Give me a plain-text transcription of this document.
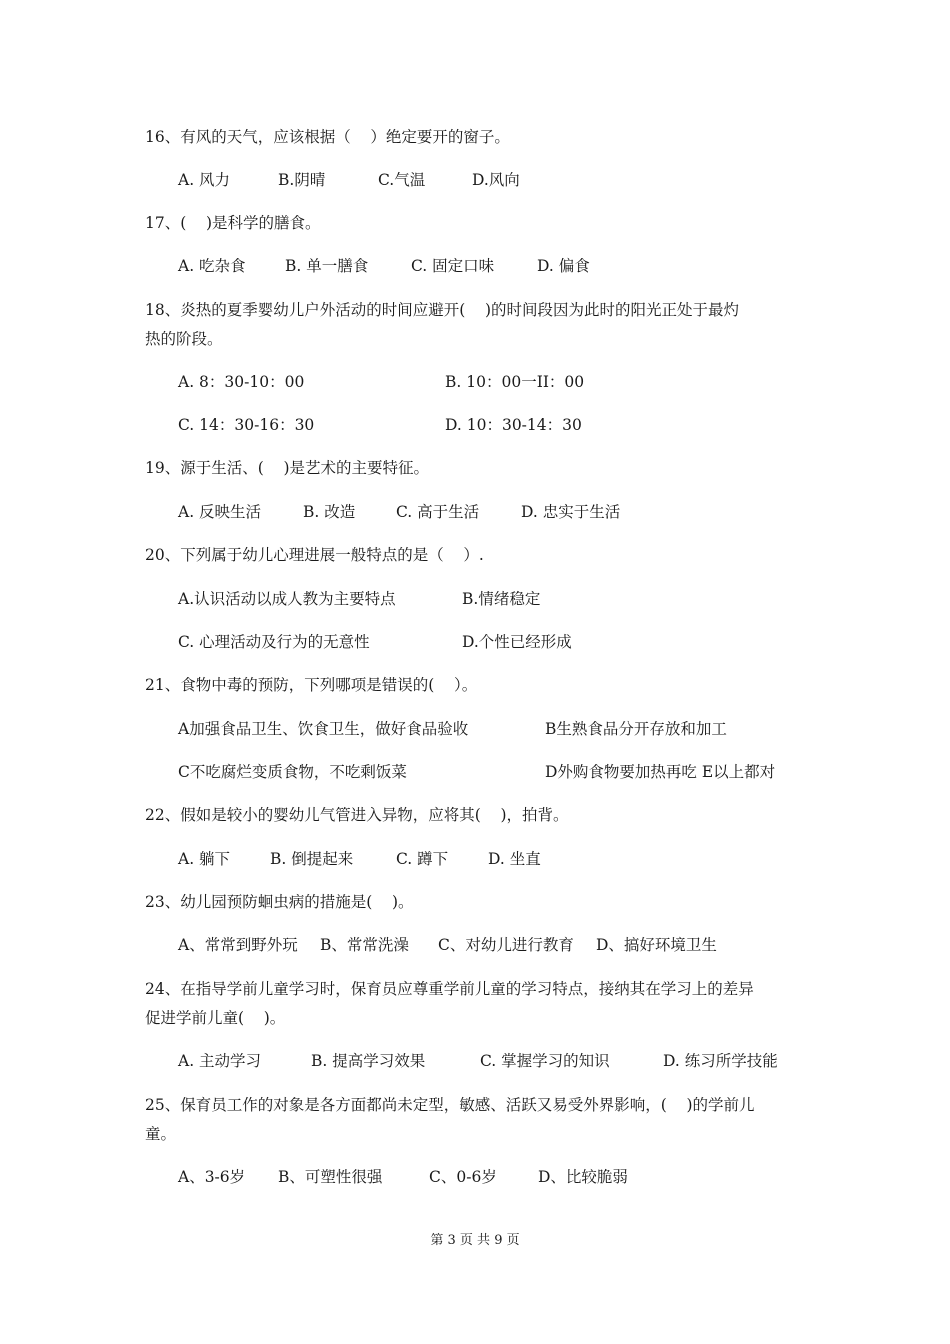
16、有风的天气，应该根据（    ）绝定要开的窗子。
A. 风力	B.阴晴	C.气温	D.风向
17、(    )是科学的膳食。
A. 吃杂食	B. 单一膳食	C. 固定口味	D. 偏食
18、炎热的夏季婴幼儿户外活动的时间应避开(    )的时间段因为此时的阳光正处于最灼
热的阶段。
A. 8：30-10：00	B. 10：00一II：00
C. 14：30-16：30	D. 10：30-14：30
19、源于生活、(    )是艺术的主要特征。
A. 反映生活	B. 改造	C. 高于生活	D. 忠实于生活
20、下列属于幼儿心理进展一般特点的是（    ）.
A.认识活动以成人教为主要特点	B.情绪稳定
C. 心理活动及行为的无意性	D.个性已经形成
21、食物中毒的预防，下列哪项是错误的(    ）。
A加强食品卫生、饮食卫生，做好食品验收	B生熟食品分开存放和加工
C不吃腐烂变质食物，不吃剩饭菜	D外购食物要加热再吃 E以上都对
22、假如是较小的婴幼儿气管进入异物，应将其(    )，拍背。
A. 躺下	B. 倒提起来	C. 蹲下	D. 坐直
23、幼儿园预防蛔虫病的措施是(    )。
A、常常到野外玩 B、常常洗澡 C、对幼儿进行教育 D、搞好环境卫生
24、在指导学前儿童学习时，保育员应尊重学前儿童的学习特点，接纳其在学习上的差异
促进学前儿童(    )。
A. 主动学习	B. 提高学习效果	C. 掌握学习的知识	D. 练习所学技能
25、保育员工作的对象是各方面都尚未定型，敏感、活跃又易受外界影响，(    )的学前儿
童。
A、3-6岁 B、可塑性很强	C、0-6岁	D、比较脆弱
第 3 页 共 9 页
